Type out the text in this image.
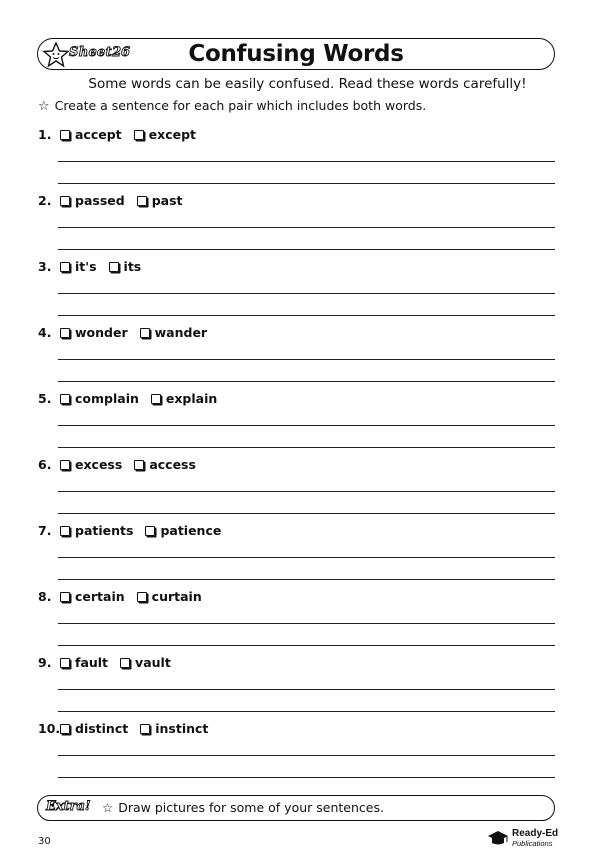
Sheet 26	Confusing Words
Some words can be easily confused. Read these words carefully!
☆ Create a sentence for each pair which includes both words.
1. accept except
2. passed past
3. it's its
4. wonder wander
5. complain explain
6. excess access
7. patients patience
8. certain curtain
9. fault vault
10. distinct instinct
Extra! ☆ Draw pictures for some of your sentences.
30
Ready-Ed
Publications
